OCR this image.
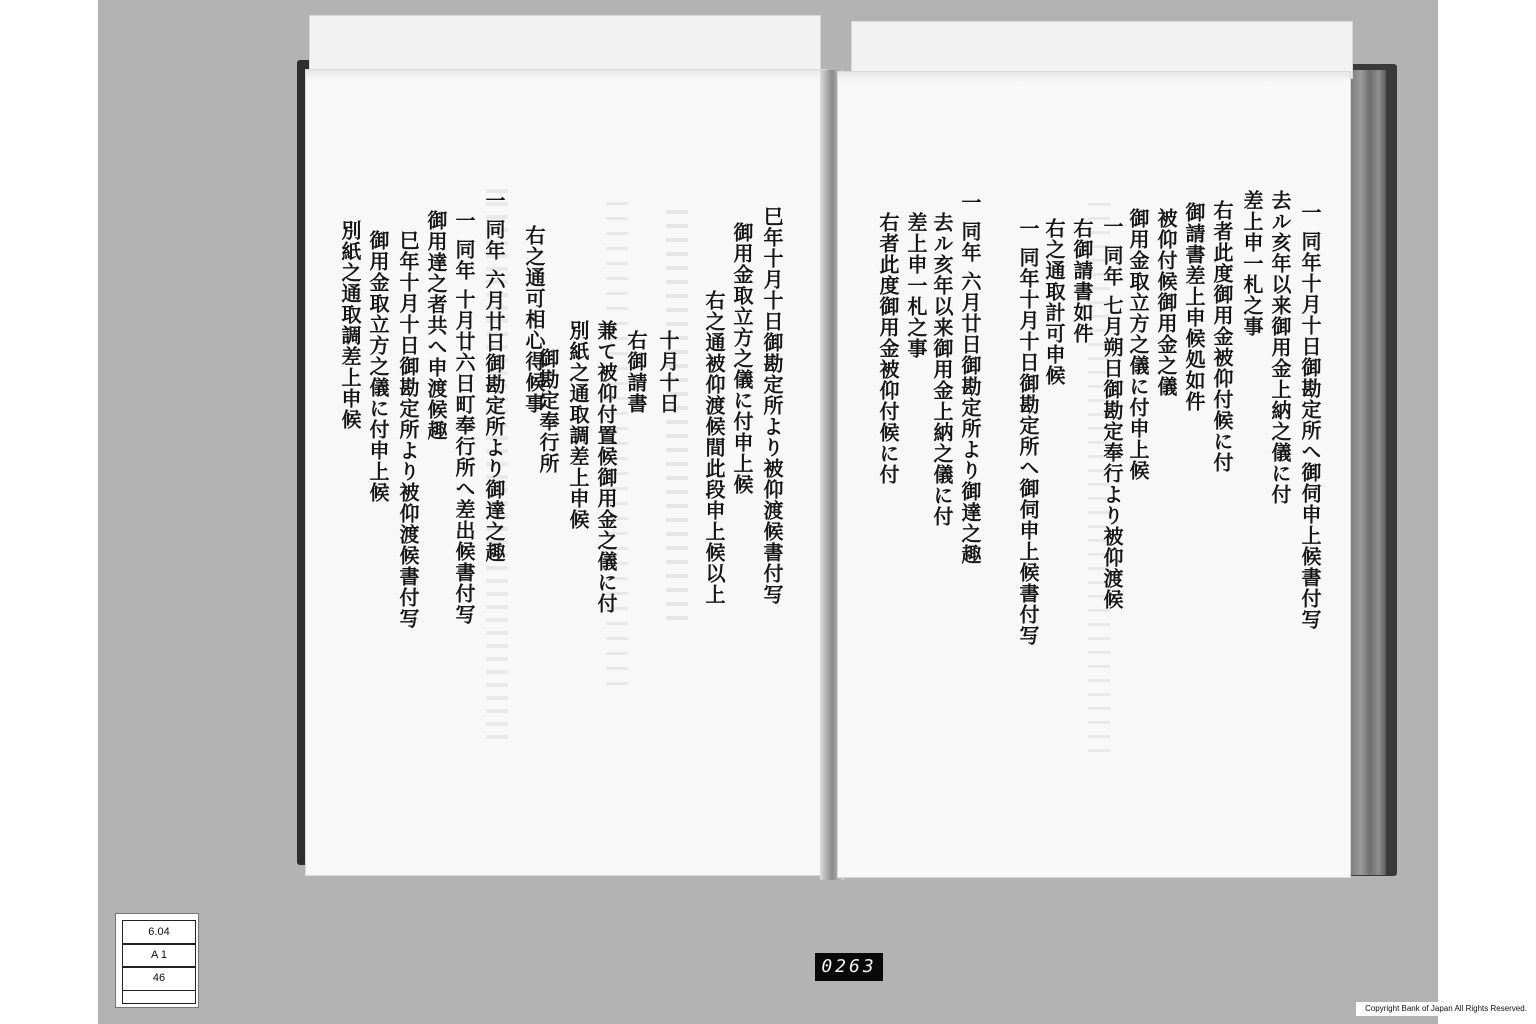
巳年十月十日御勘定所より被仰渡候書付写
御用金取立方之儀に付申上候
右之通被仰渡候間此段申上候以上
十月十日
右御請書
兼て被仰付置候御用金之儀に付
別紙之通取調差上申候
御勘定奉行所
右之通可相心得候事
一 同年 六月廿日御勘定所より御達之趣
一 同年 十月廿六日町奉行所へ差出候書付写
御用達之者共へ申渡候趣
巳年十月十日御勘定所より被仰渡候書付写
御用金取立方之儀に付申上候
別紙之通取調差上申候	一 同年十月十日御勘定所へ御伺申上候書付写
去ル亥年以来御用金上納之儀に付
差上申一札之事
右者此度御用金被仰付候に付
御請書差上申候処如件
被仰付候御用金之儀
御用金取立方之儀に付申上候
一 同年 七月朔日御勘定奉行より被仰渡候
右御請書如件
右之通取計可申候
一 同年十月十日御勘定所へ御伺申上候書付写
一 同年 六月廿日御勘定所より御達之趣
去ル亥年以来御用金上納之儀に付
差上申一札之事
右者此度御用金被仰付候に付
6.04
A 1
46
0263
Copyright Bank of Japan All Rights Reserved.
